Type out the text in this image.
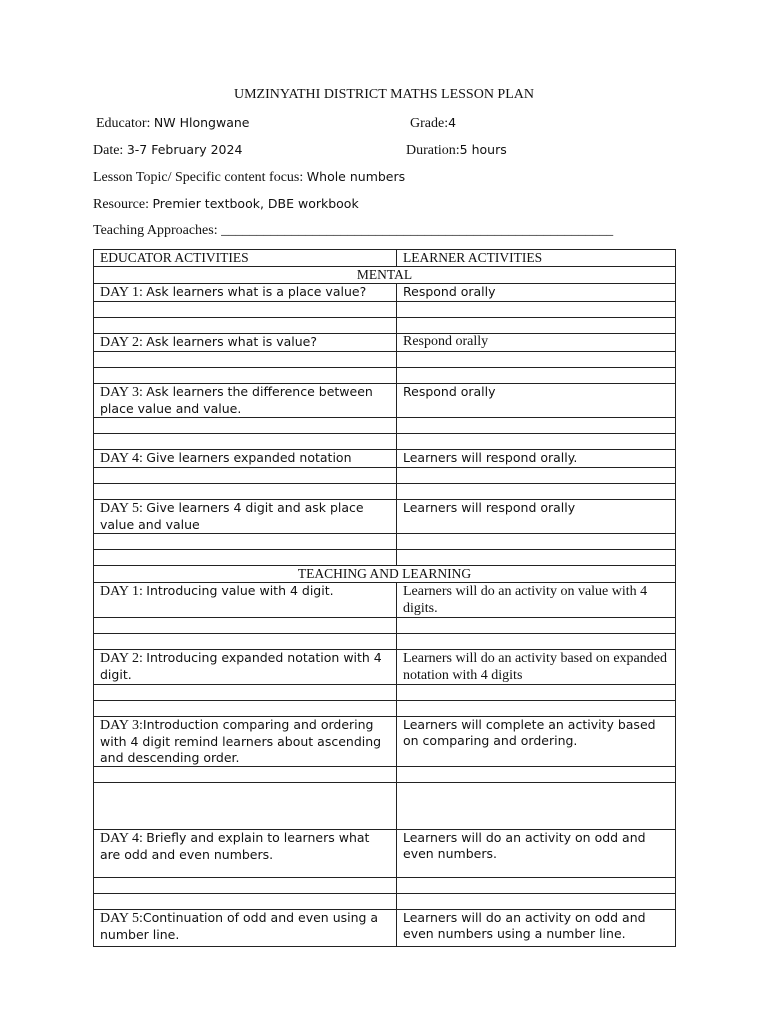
UMZINYATHI DISTRICT MATHS LESSON PLAN
Educator: NW Hlongwane	Grade:4
Date: 3-7 February 2024	Duration:5 hours
Lesson Topic/ Specific content focus: Whole numbers
Resource: Premier textbook, DBE workbook
Teaching Approaches: ________________________________________________________
EDUCATOR ACTIVITIES	LEARNER ACTIVITIES
MENTAL	
DAY 1: Ask learners what is a place value?	Respond orally

DAY 2: Ask learners what is value?	Respond orally

DAY 3: Ask learners the difference between place value and value.	Respond orally

DAY 4: Give learners expanded notation	Learners will respond orally.

DAY 5: Give learners 4 digit and ask place value and value	Learners will respond orally

TEACHING AND LEARNING	
DAY 1: Introducing value with 4 digit.	Learners will do an activity on value with 4 digits.

DAY 2: Introducing expanded notation with 4 digit.	Learners will do an activity based on expanded notation with 4 digits

DAY 3:Introduction comparing and ordering with 4 digit remind learners about ascending and descending order.	Learners will complete an activity based on comparing and ordering.

DAY 4: Briefly and explain to learners what are odd and even numbers.	Learners will do an activity on odd and even numbers.

DAY 5:Continuation of odd and even using a number line.	Learners will do an activity on odd and even numbers using a number line.
